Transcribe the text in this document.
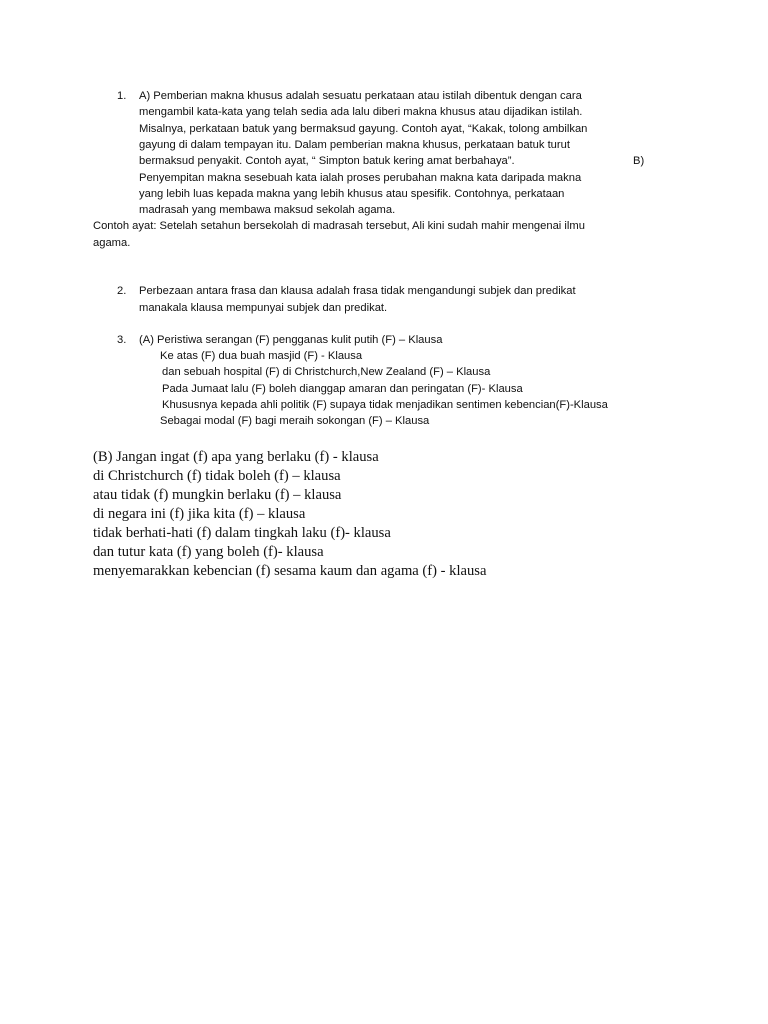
1. A) Pemberian makna khusus adalah sesuatu perkataan atau istilah dibentuk dengan cara

mengambil kata-kata yang telah sedia ada lalu diberi makna khusus atau dijadikan istilah.

Misalnya, perkataan batuk yang bermaksud gayung. Contoh ayat, “Kakak, tolong ambilkan

gayung di dalam tempayan itu. Dalam pemberian makna khusus, perkataan batuk turut

bermaksud penyakit. Contoh ayat, “ Simpton batuk kering amat berbahaya”.	B)

Penyempitan makna sesebuah kata ialah proses perubahan makna kata daripada makna

yang lebih luas kepada makna yang lebih khusus atau spesifik. Contohnya, perkataan

madrasah yang membawa maksud sekolah agama.

Contoh ayat: Setelah setahun bersekolah di madrasah tersebut, Ali kini sudah mahir mengenai ilmu

agama.

2. Perbezaan antara frasa dan klausa adalah frasa tidak mengandungi subjek dan predikat

manakala klausa mempunyai subjek dan predikat.

3. (A) Peristiwa serangan (F) pengganas kulit putih (F) – Klausa

Ke atas (F) dua buah masjid (F) - Klausa

dan sebuah hospital (F) di Christchurch,New Zealand (F) – Klausa

Pada Jumaat lalu (F) boleh dianggap amaran dan peringatan (F)- Klausa

Khususnya kepada ahli politik (F) supaya tidak menjadikan sentimen kebencian(F)-Klausa

Sebagai modal (F) bagi meraih sokongan (F) – Klausa

(B) Jangan ingat (f) apa yang berlaku (f) - klausa

di Christchurch (f) tidak boleh (f) – klausa

atau tidak (f) mungkin berlaku (f) – klausa

di negara ini (f) jika kita (f) – klausa

tidak berhati-hati (f) dalam tingkah laku (f)- klausa

dan tutur kata (f) yang boleh (f)- klausa

menyemarakkan kebencian (f) sesama kaum dan agama (f) - klausa
